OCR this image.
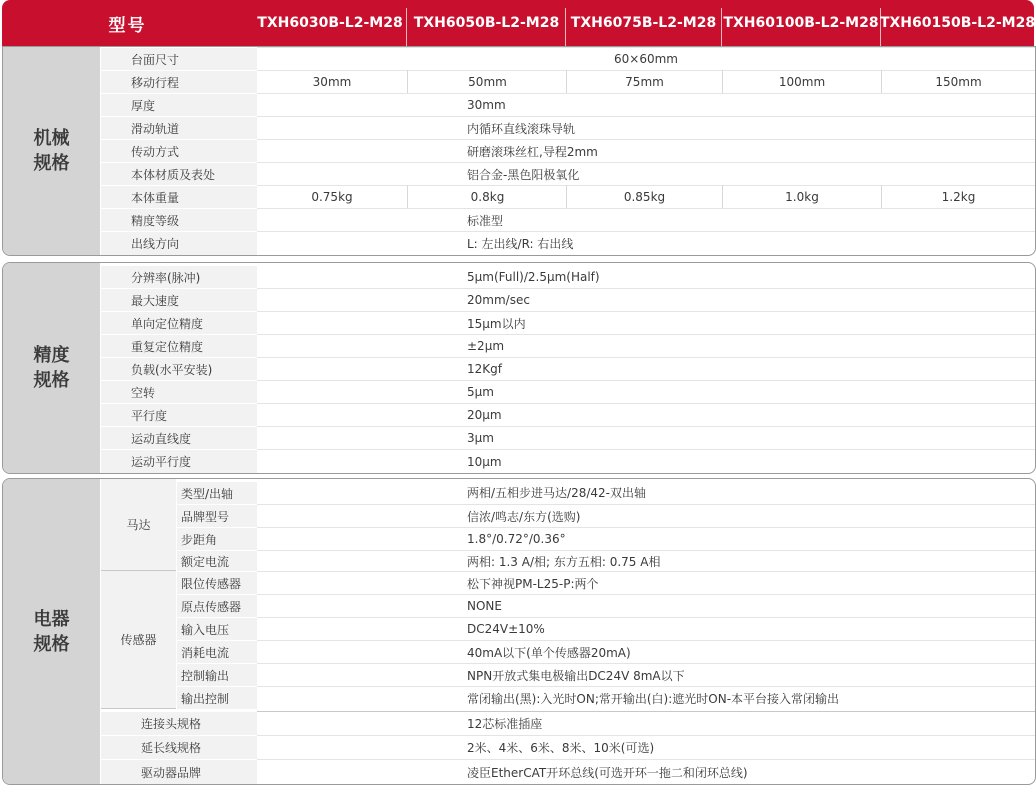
型号	TXH6030B-L2-M28 TXH6050B-L2-M28 TXH6075B-L2-M28 TXH60100B-L2-M28 TXH60150B-L2-M28
机械
规格
台面尺寸	60×60mm
移动行程	30mm	50mm	75mm	100mm	150mm
厚度	30mm
滑动轨道	内循环直线滚珠导轨
传动方式	研磨滚珠丝杠,导程2mm
本体材质及表处	铝合金-黑色阳极氧化
本体重量	0.75kg	0.8kg	0.85kg	1.0kg	1.2kg
精度等级	标准型
出线方向	L: 左出线/R: 右出线
精度
规格
分辨率(脉冲)	5μm(Full)/2.5μm(Half)
最大速度	20mm/sec
单向定位精度	15μm以内
重复定位精度	±2μm
负载(水平安装)	12Kgf
空转	5μm
平行度	20μm
运动直线度	3μm
运动平行度	10μm
电器
规格
马达
类型/出轴	两相/五相步进马达/28/42-双出轴
品牌型号	信浓/鸣志/东方(选购)
步距角	1.8°/0.72°/0.36°
额定电流	两相: 1.3 A/相; 东方五相: 0.75 A相
传感器
限位传感器	松下神视PM-L25-P:两个
原点传感器	NONE
输入电压	DC24V±10%
消耗电流	40mA以下(单个传感器20mA)
控制输出	NPN开放式集电极输出DC24V 8mA以下
输出控制	常闭输出(黑):入光时ON;常开输出(白):遮光时ON-本平台接入常闭输出
连接头规格	12芯标准插座
延长线规格	2米、4米、6米、8米、10米(可选)
驱动器品牌	凌臣EtherCAT开环总线(可选开环一拖二和闭环总线)
